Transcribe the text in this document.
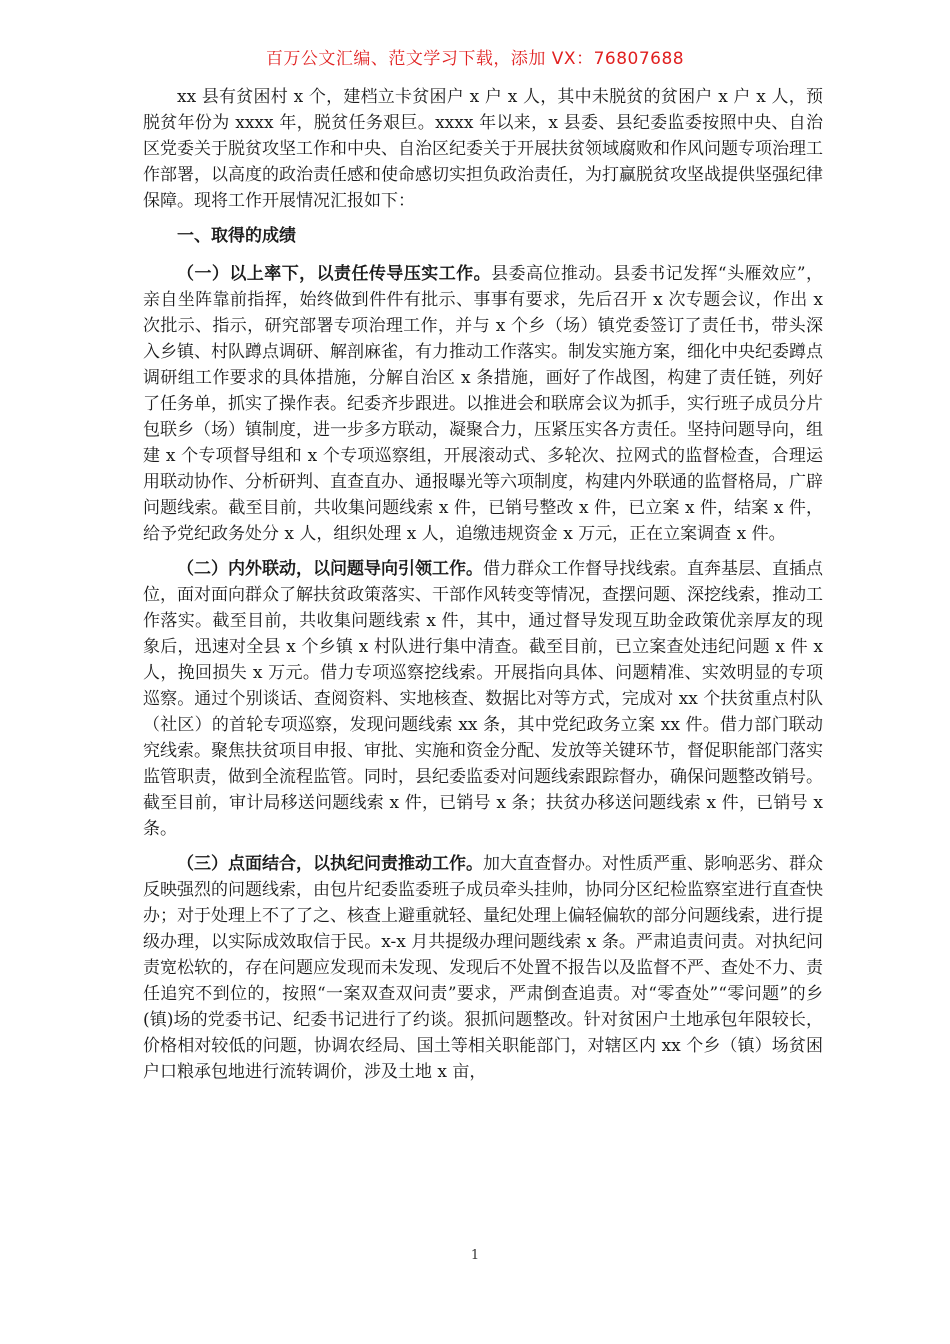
百万公文汇编、范文学习下载，添加 VX：76807688

xx 县有贫困村 x 个，建档立卡贫困户 x 户 x 人，其中未脱贫的贫困户 x 户 x 人，预脱贫年份为 xxxx 年，脱贫任务艰巨。xxxx 年以来，x 县委、县纪委监委按照中央、自治区党委关于脱贫攻坚工作和中央、自治区纪委关于开展扶贫领域腐败和作风问题专项治理工作部署，以高度的政治责任感和使命感切实担负政治责任，为打赢脱贫攻坚战提供坚强纪律保障。现将工作开展情况汇报如下：

一、取得的成绩

（一）以上率下，以责任传导压实工作。县委高位推动。县委书记发挥“头雁效应”，亲自坐阵靠前指挥，始终做到件件有批示、事事有要求，先后召开 x 次专题会议，作出 x 次批示、指示，研究部署专项治理工作，并与 x 个乡（场）镇党委签订了责任书，带头深入乡镇、村队蹲点调研、解剖麻雀，有力推动工作落实。制发实施方案，细化中央纪委蹲点调研组工作要求的具体措施，分解自治区 x 条措施，画好了作战图，构建了责任链，列好了任务单，抓实了操作表。纪委齐步跟进。以推进会和联席会议为抓手，实行班子成员分片包联乡（场）镇制度，进一步多方联动，凝聚合力，压紧压实各方责任。坚持问题导向，组建 x 个专项督导组和 x 个专项巡察组，开展滚动式、多轮次、拉网式的监督检查，合理运用联动协作、分析研判、直查直办、通报曝光等六项制度，构建内外联通的监督格局，广辟问题线索。截至目前，共收集问题线索 x 件，已销号整改 x 件，已立案 x 件，结案 x 件，给予党纪政务处分 x 人，组织处理 x 人，追缴违规资金 x 万元，正在立案调查 x 件。

（二）内外联动，以问题导向引领工作。借力群众工作督导找线索。直奔基层、直插点位，面对面向群众了解扶贫政策落实、干部作风转变等情况，查摆问题、深挖线索，推动工作落实。截至目前，共收集问题线索 x 件，其中，通过督导发现互助金政策优亲厚友的现象后，迅速对全县 x 个乡镇 x 村队进行集中清查。截至目前，已立案查处违纪问题 x 件 x 人，挽回损失 x 万元。借力专项巡察挖线索。开展指向具体、问题精准、实效明显的专项巡察。通过个别谈话、查阅资料、实地核查、数据比对等方式，完成对 xx 个扶贫重点村队（社区）的首轮专项巡察，发现问题线索 xx 条，其中党纪政务立案 xx 件。借力部门联动究线索。聚焦扶贫项目申报、审批、实施和资金分配、发放等关键环节，督促职能部门落实监管职责，做到全流程监管。同时，县纪委监委对问题线索跟踪督办，确保问题整改销号。截至目前，审计局移送问题线索 x 件，已销号 x 条；扶贫办移送问题线索 x 件，已销号 x 条。

（三）点面结合，以执纪问责推动工作。加大直查督办。对性质严重、影响恶劣、群众反映强烈的问题线索，由包片纪委监委班子成员牵头挂帅，协同分区纪检监察室进行直查快办；对于处理上不了了之、核查上避重就轻、量纪处理上偏轻偏软的部分问题线索，进行提级办理，以实际成效取信于民。x-x 月共提级办理问题线索 x 条。严肃追责问责。对执纪问责宽松软的，存在问题应发现而未发现、发现后不处置不报告以及监督不严、查处不力、责任追究不到位的，按照“一案双查双问责”要求，严肃倒查追责。对“零查处”“零问题”的乡(镇)场的党委书记、纪委书记进行了约谈。狠抓问题整改。针对贫困户土地承包年限较长，价格相对较低的问题，协调农经局、国土等相关职能部门，对辖区内 xx 个乡（镇）场贫困户口粮承包地进行流转调价，涉及土地 x 亩，

1
